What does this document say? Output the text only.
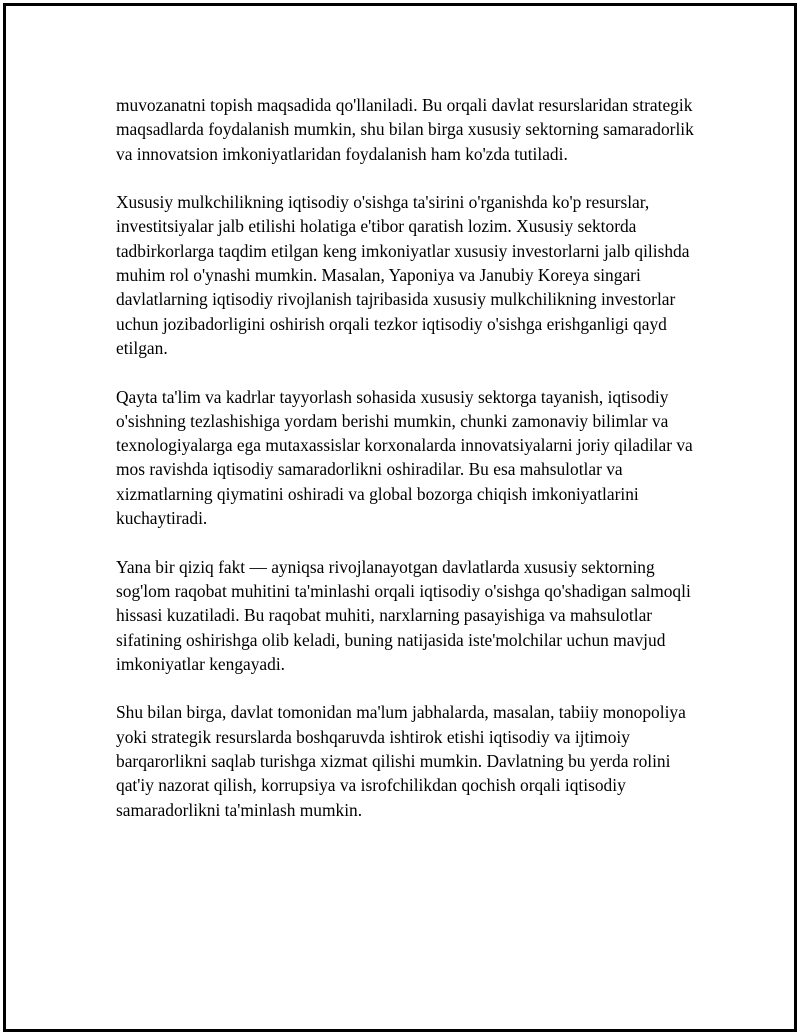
muvozanatni topish maqsadida qo'llaniladi. Bu orqali davlat resurslaridan strategik maqsadlarda foydalanish mumkin, shu bilan birga xususiy sektorning samaradorlik va innovatsion imkoniyatlaridan foydalanish ham ko'zda tutiladi.

Xususiy mulkchilikning iqtisodiy o'sishga ta'sirini o'rganishda ko'p resurslar, investitsiyalar jalb etilishi holatiga e'tibor qaratish lozim. Xususiy sektorda tadbirkorlarga taqdim etilgan keng imkoniyatlar xususiy investorlarni jalb qilishda muhim rol o'ynashi mumkin. Masalan, Yaponiya va Janubiy Koreya singari davlatlarning iqtisodiy rivojlanish tajribasida xususiy mulkchilikning investorlar uchun jozibadorligini oshirish orqali tezkor iqtisodiy o'sishga erishganligi qayd etilgan.

Qayta ta'lim va kadrlar tayyorlash sohasida xususiy sektorga tayanish, iqtisodiy o'sishning tezlashishiga yordam berishi mumkin, chunki zamonaviy bilimlar va texnologiyalarga ega mutaxassislar korxonalarda innovatsiyalarni joriy qiladilar va mos ravishda iqtisodiy samaradorlikni oshiradilar. Bu esa mahsulotlar va xizmatlarning qiymatini oshiradi va global bozorga chiqish imkoniyatlarini kuchaytiradi.

Yana bir qiziq fakt — ayniqsa rivojlanayotgan davlatlarda xususiy sektorning sog'lom raqobat muhitini ta'minlashi orqali iqtisodiy o'sishga qo'shadigan salmoqli hissasi kuzatiladi. Bu raqobat muhiti, narxlarning pasayishiga va mahsulotlar sifatining oshirishga olib keladi, buning natijasida iste'molchilar uchun mavjud imkoniyatlar kengayadi.

Shu bilan birga, davlat tomonidan ma'lum jabhalarda, masalan, tabiiy monopoliya yoki strategik resurslarda boshqaruvda ishtirok etishi iqtisodiy va ijtimoiy barqarorlikni saqlab turishga xizmat qilishi mumkin. Davlatning bu yerda rolini qat'iy nazorat qilish, korrupsiya va isrofchilikdan qochish orqali iqtisodiy samaradorlikni ta'minlash mumkin.
